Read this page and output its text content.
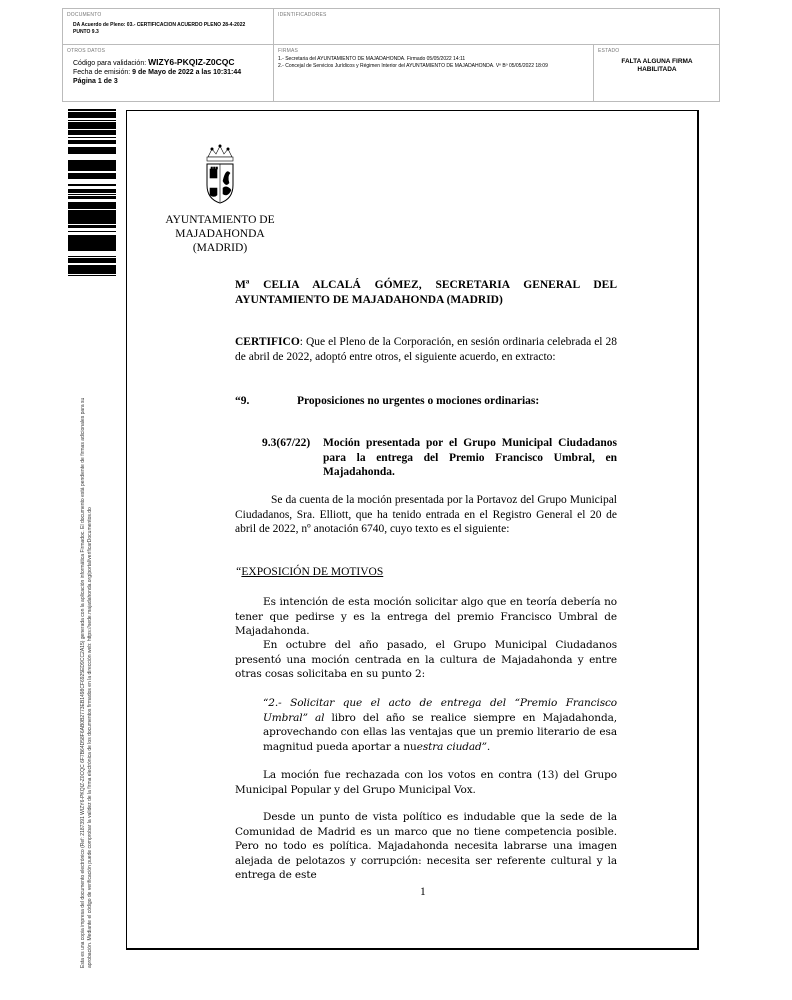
DOCUMENTO
DA Acuerdo de Pleno: 03.- CERTIFICACION ACUERDO PLENO 28-4-2022 PUNTO 9.3
IDENTIFICADORES
OTROS DATOS
Código para validación: WIZY6-PKQIZ-Z0CQC
Fecha de emisión: 9 de Mayo de 2022 a las 10:31:44
Página 1 de 3
FIRMAS
1.- Secretaria del AYUNTAMIENTO DE MAJADAHONDA. Firmado 05/05/2022 14:11
2.- Concejal de Servicios Jurídicos y Régimen Interior del AYUNTAMIENTO DE MAJADAHONDA. Vº Bº 05/05/2022 18:09
ESTADO
FALTA ALGUNA FIRMA HABILITADA
Esta es una copia impresa del documento electrónico (Ref: 2187391 WIZY6-PKQIZ-Z0CQC 6F7B64D58F6AB0B2773EB1498CF6925ED9CC2A15) generada con la aplicación informática Firmadoc. El documento está pendiente de firmas adicionales para su aprobación. Mediante el código de verificación puede comprobar la validez de la firma electrónica de los documentos firmados en la dirección web: https://sede.majadahonda.org/portal/verificarDocumentos.do
AYUNTAMIENTO DE
MAJADAHONDA
(MADRID)
Mª CELIA ALCALÁ GÓMEZ, SECRETARIA GENERAL DEL AYUNTAMIENTO DE MAJADAHONDA (MADRID)
CERTIFICO: Que el Pleno de la Corporación, en sesión ordinaria celebrada el 28 de abril de 2022, adoptó entre otros, el siguiente acuerdo, en extracto:
“9.	Proposiciones no urgentes o mociones ordinarias:
9.3(67/22) Moción presentada por el Grupo Municipal Ciudadanos para la entrega del Premio Francisco Umbral, en Majadahonda.
Se da cuenta de la moción presentada por la Portavoz del Grupo Municipal Ciudadanos, Sra. Elliott, que ha tenido entrada en el Registro General el 20 de abril de 2022, nº anotación 6740, cuyo texto es el siguiente:
“EXPOSICIÓN DE MOTIVOS
Es intención de esta moción solicitar algo que en teoría debería no tener que pedirse y es la entrega del premio Francisco Umbral de Majadahonda.
En octubre del año pasado, el Grupo Municipal Ciudadanos presentó una moción centrada en la cultura de Majadahonda y entre otras cosas solicitaba en su punto 2:
“2.- Solicitar que el acto de entrega del “Premio Francisco Umbral” al libro del año se realice siempre en Majadahonda, aprovechando con ellas las ventajas que un premio literario de esa magnitud pueda aportar a nuestra ciudad”.
La moción fue rechazada con los votos en contra (13) del Grupo Municipal Popular y del Grupo Municipal Vox.
Desde un punto de vista político es indudable que la sede de la Comunidad de Madrid es un marco que no tiene competencia posible. Pero no todo es política. Majadahonda necesita labrarse una imagen alejada de pelotazos y corrupción: necesita ser referente cultural y la entrega de este
1
